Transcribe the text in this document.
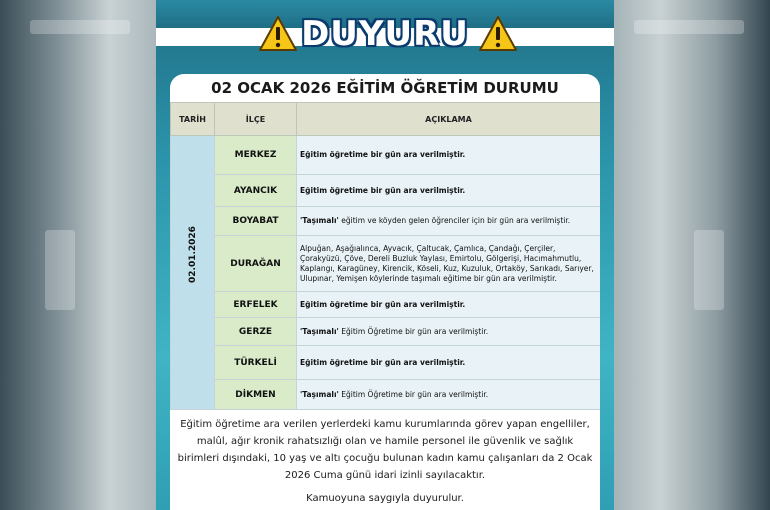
DUYURU
02 OCAK 2026 EĞİTİM ÖĞRETİM DURUMU
TARİH	İLÇE	AÇIKLAMA

02.01.2026	MERKEZ	Eğitim öğretime bir gün ara verilmiştir.
	AYANCIK	Eğitim öğretime bir gün ara verilmiştir.
	BOYABAT	'Taşımalı' eğitim ve köyden gelen öğrenciler için bir gün ara verilmiştir.
	DURAĞAN	Alpuğan, Aşağıalınca, Ayvacık, Çaltucak, Çamlıca, Çandağı, Çerçiler, Çorakyüzü, Çöve, Dereli Buzluk Yaylası, Emirtolu, Gölgerişi, Hacımahmutlu, Kaplangı, Karagüney, Kirencik, Köseli, Kuz, Kuzuluk, Ortaköy, Sarıkadı, Sarıyer, Ulupınar, Yemişen köylerinde taşımalı eğitime bir gün ara verilmiştir.
	ERFELEK	Eğitim öğretime bir gün ara verilmiştir.
	GERZE	'Taşımalı' Eğitim Öğretime bir gün ara verilmiştir.
	TÜRKELİ	Eğitim öğretime bir gün ara verilmiştir.
	DİKMEN	'Taşımalı' Eğitim Öğretime bir gün ara verilmiştir.

Eğitim öğretime ara verilen yerlerdeki kamu kurumlarında görev yapan engelliler, malûl, ağır kronik rahatsızlığı olan ve hamile personel ile güvenlik ve sağlık birimleri dışındaki, 10 yaş ve altı çocuğu bulunan kadın kamu çalışanları da 2 Ocak 2026 Cuma günü idari izinli sayılacaktır.

Kamuoyuna saygıyla duyurulur.
